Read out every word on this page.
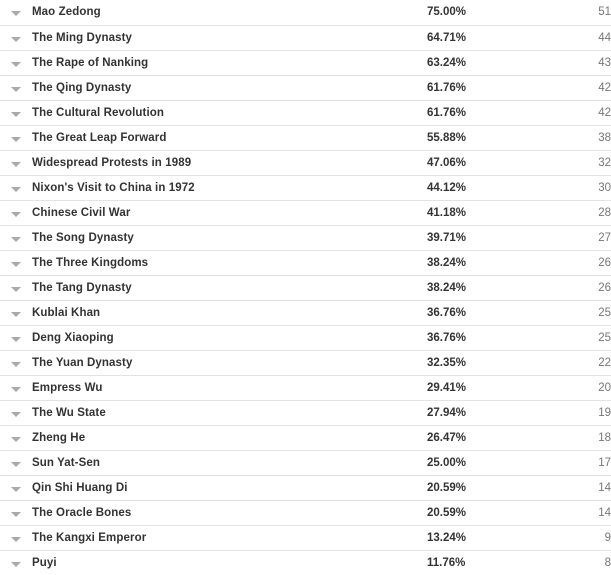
	Mao Zedong	75.00%	51
	The Ming Dynasty	64.71%	44
	The Rape of Nanking	63.24%	43
	The Qing Dynasty	61.76%	42
	The Cultural Revolution	61.76%	42
	The Great Leap Forward	55.88%	38
	Widespread Protests in 1989	47.06%	32
	Nixon's Visit to China in 1972	44.12%	30
	Chinese Civil War	41.18%	28
	The Song Dynasty	39.71%	27
	The Three Kingdoms	38.24%	26
	The Tang Dynasty	38.24%	26
	Kublai Khan	36.76%	25
	Deng Xiaoping	36.76%	25
	The Yuan Dynasty	32.35%	22
	Empress Wu	29.41%	20
	The Wu State	27.94%	19
	Zheng He	26.47%	18
	Sun Yat-Sen	25.00%	17
	Qin Shi Huang Di	20.59%	14
	The Oracle Bones	20.59%	14
	The Kangxi Emperor	13.24%	9
	Puyi	11.76%	8
